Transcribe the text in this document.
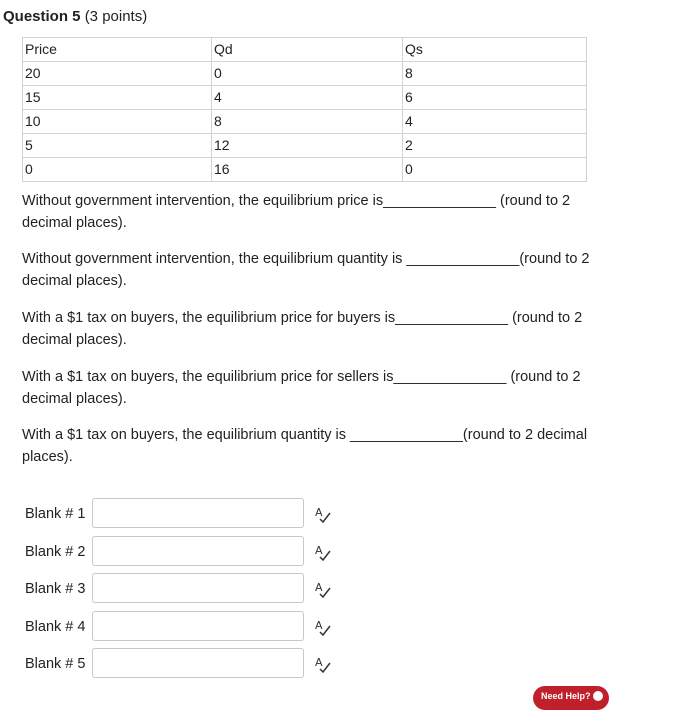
Question 5 (3 points)
Price	Qd	Qs
20	0	8
15	4	6
10	8	4
5	12	2
0	16	0
Without government intervention, the equilibrium price is______________ (round to 2 decimal places).
Without government intervention, the equilibrium quantity is ______________(round to 2 decimal places).
With a $1 tax on buyers, the equilibrium price for buyers is______________ (round to 2 decimal places).
With a $1 tax on buyers, the equilibrium price for sellers is______________ (round to 2 decimal places).
With a $1 tax on buyers, the equilibrium quantity is ______________(round to 2 decimal places).
Blank # 1	A
Blank # 2	A
Blank # 3	A
Blank # 4	A
Blank # 5	A
Need Help?
